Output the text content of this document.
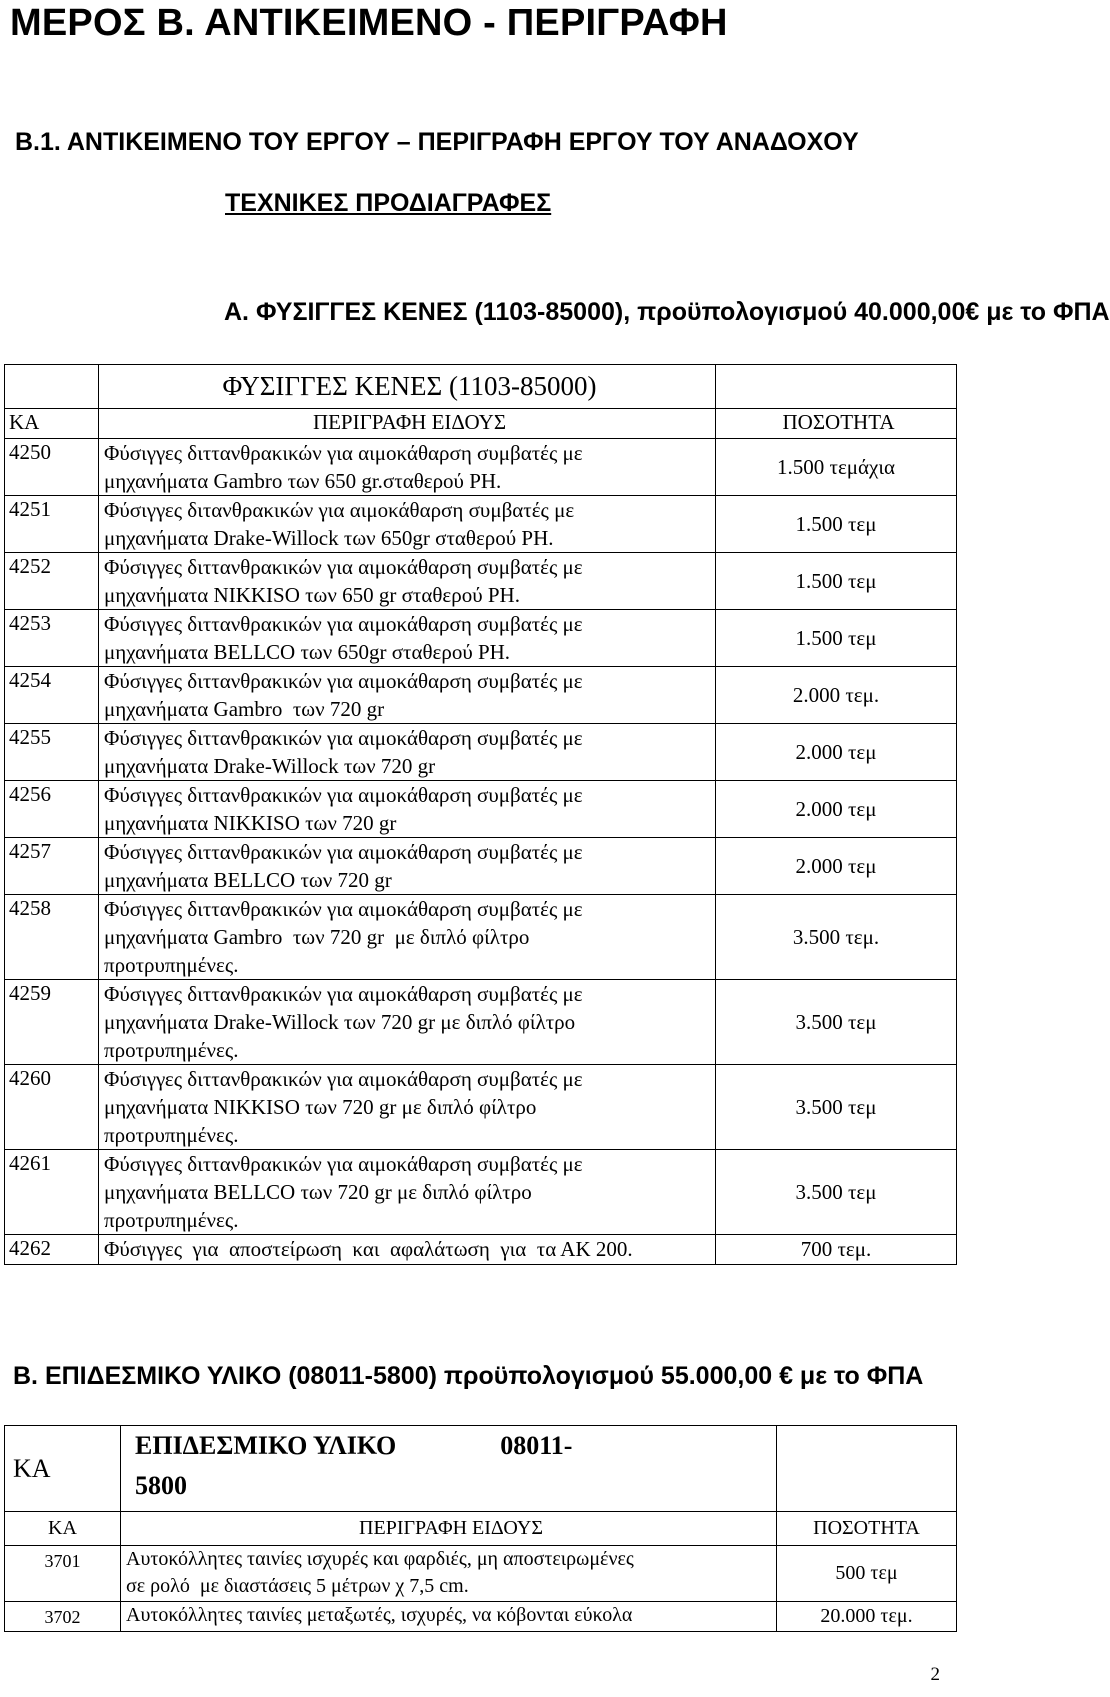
ΜΕΡΟΣ Β. ΑΝΤΙΚΕΙΜΕΝΟ - ΠΕΡΙΓΡΑΦΗ
Β.1. ΑΝΤΙΚΕΙΜΕΝΟ ΤΟΥ ΕΡΓΟΥ – ΠΕΡΙΓΡΑΦΗ ΕΡΓΟΥ ΤΟΥ ΑΝΑΔΟΧΟΥ
ΤΕΧΝΙΚΕΣ ΠΡΟΔΙΑΓΡΑΦΕΣ
Α. ΦΥΣΙΓΓΕΣ ΚΕΝΕΣ (1103-85000), προϋπολογισμού 40.000,00€ με το ΦΠΑ
	ΦΥΣΙΓΓΕΣ ΚΕΝΕΣ (1103-85000)	
ΚΑ	ΠΕΡΙΓΡΑΦΗ ΕΙΔΟΥΣ	ΠΟΣΟΤΗΤΑ
4250	Φύσιγγες διττανθρακικών για αιμοκάθαρση συμβατές με
μηχανήματα Gambro των 650 gr.σταθερού PH.	1.500 τεμάχια
4251	Φύσιγγες διτανθρακικών για αιμοκάθαρση συμβατές με
μηχανήματα Drake-Willock των 650gr σταθερού PH.	1.500 τεμ
4252	Φύσιγγες διττανθρακικών για αιμοκάθαρση συμβατές με
μηχανήματα NIKKISO των 650 gr σταθερού PH.	1.500 τεμ
4253	Φύσιγγες διττανθρακικών για αιμοκάθαρση συμβατές με
μηχανήματα BELLCO των 650gr σταθερού PH.	1.500 τεμ
4254	Φύσιγγες διττανθρακικών για αιμοκάθαρση συμβατές με
μηχανήματα Gambro  των 720 gr	2.000 τεμ.
4255	Φύσιγγες διττανθρακικών για αιμοκάθαρση συμβατές με
μηχανήματα Drake-Willock των 720 gr	2.000 τεμ
4256	Φύσιγγες διττανθρακικών για αιμοκάθαρση συμβατές με
μηχανήματα NIKKISO των 720 gr	2.000 τεμ
4257	Φύσιγγες διττανθρακικών για αιμοκάθαρση συμβατές με
μηχανήματα BELLCO των 720 gr	2.000 τεμ
4258	Φύσιγγες διττανθρακικών για αιμοκάθαρση συμβατές με
μηχανήματα Gambro  των 720 gr  με διπλό φίλτρο
προτρυπημένες.	3.500 τεμ.
4259	Φύσιγγες διττανθρακικών για αιμοκάθαρση συμβατές με
μηχανήματα Drake-Willock των 720 gr με διπλό φίλτρο
προτρυπημένες.	3.500 τεμ
4260	Φύσιγγες διττανθρακικών για αιμοκάθαρση συμβατές με
μηχανήματα NIKKISO των 720 gr με διπλό φίλτρο
προτρυπημένες.	3.500 τεμ
4261	Φύσιγγες διττανθρακικών για αιμοκάθαρση συμβατές με
μηχανήματα BELLCO των 720 gr με διπλό φίλτρο
προτρυπημένες.	3.500 τεμ
4262	Φύσιγγες  για  αποστείρωση  και  αφαλάτωση  για  τα ΑΚ 200.	700 τεμ.
Β. ΕΠΙΔΕΣΜΙΚΟ ΥΛΙΚΟ (08011-5800) προϋπολογισμού 55.000,00 € με το ΦΠΑ
ΚΑ	ΕΠΙΔΕΣΜΙΚΟ ΥΛΙΚΟ                08011-
5800	

ΚΑ	ΠΕΡΙΓΡΑΦΗ ΕΙΔΟΥΣ	ΠΟΣΟΤΗΤΑ
3701	Αυτοκόλλητες ταινίες ισχυρές και φαρδιές, μη αποστειρωμένες
σε ρολό  με διαστάσεις 5 μέτρων χ 7,5 cm.	500 τεμ
3702	Αυτοκόλλητες ταινίες μεταξωτές, ισχυρές, να κόβονται εύκολα	20.000 τεμ.
2
